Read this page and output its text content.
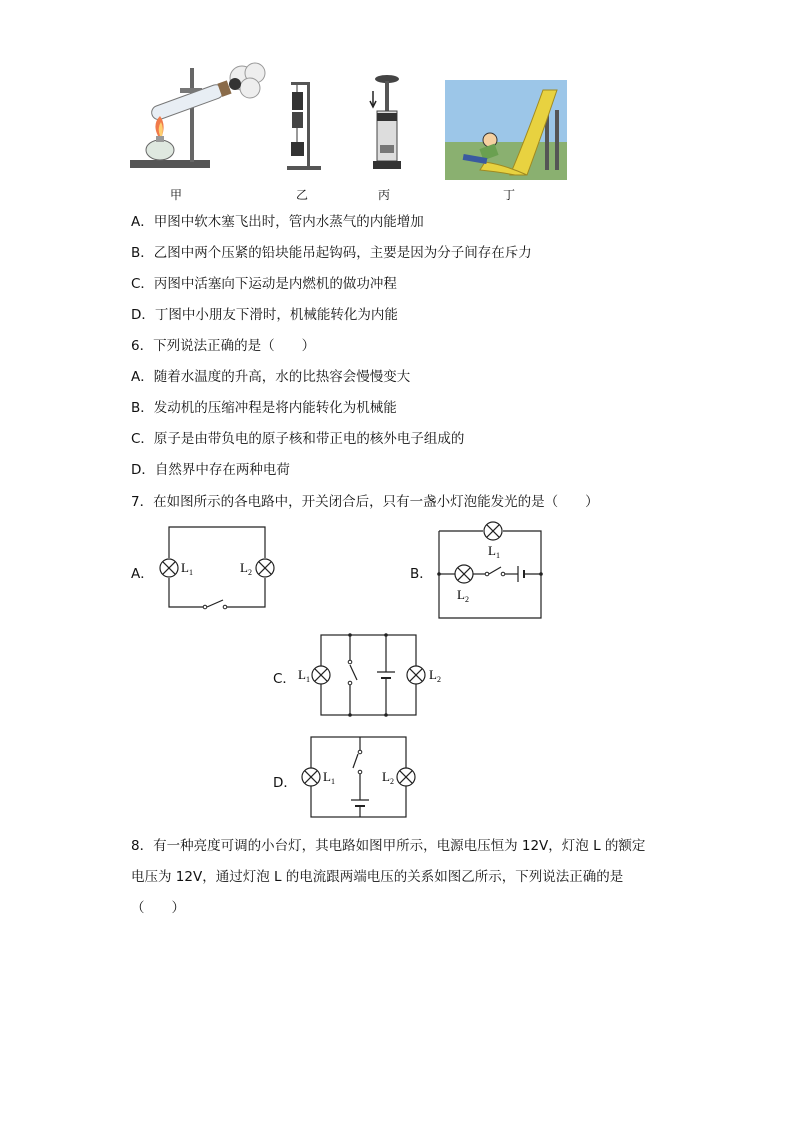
甲	乙	丙	丁
A．甲图中软木塞飞出时，管内水蒸气的内能增加
B．乙图中两个压紧的铅块能吊起钩码，主要是因为分子间存在斥力
C．丙图中活塞向下运动是内燃机的做功冲程
D．丁图中小朋友下滑时，机械能转化为内能
6．下列说法正确的是（　　）
A．随着水温度的升高，水的比热容会慢慢变大
B．发动机的压缩冲程是将内能转化为机械能
C．原子是由带负电的原子核和带正电的核外电子组成的
D．自然界中存在两种电荷
7．在如图所示的各电路中，开关闭合后，只有一盏小灯泡能发光的是（　　）
A． L 1	L 2	B．
L 1
L 2
C． L 1	L 2
D． L 1	L 2
8．有一种亮度可调的小台灯，其电路如图甲所示，电源电压恒为 12V，灯泡 L 的额定
电压为 12V，通过灯泡 L 的电流跟两端电压的关系如图乙所示，下列说法正确的是
（　　）
